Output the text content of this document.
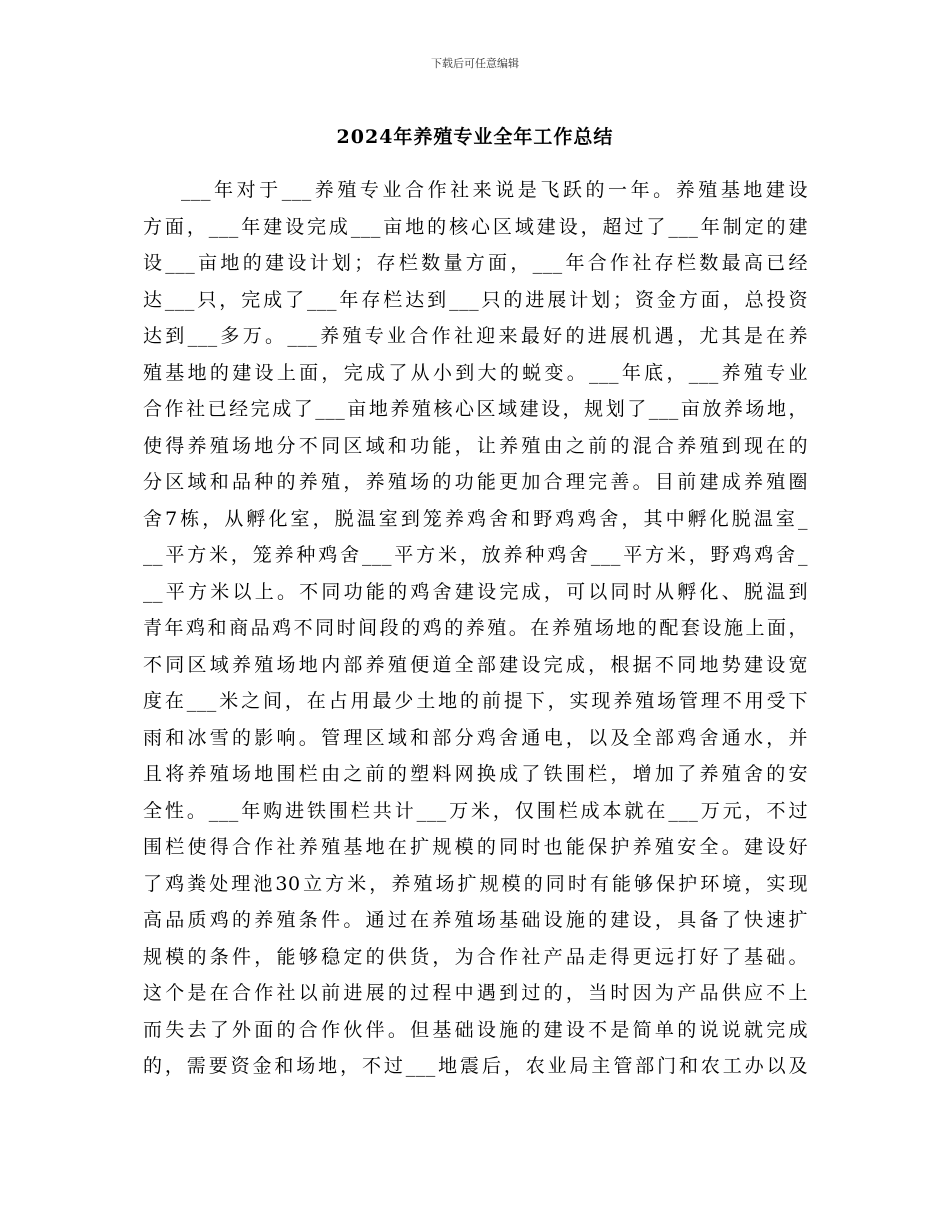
下载后可任意编辑
2024年养殖专业全年工作总结
___年对于___养殖专业合作社来说是飞跃的一年。养殖基地建设
方面，___年建设完成___亩地的核心区域建设，超过了___年制定的建
设___亩地的建设计划；存栏数量方面，___年合作社存栏数最高已经
达___只，完成了___年存栏达到___只的进展计划；资金方面，总投资
达到___多万。___养殖专业合作社迎来最好的进展机遇，尤其是在养
殖基地的建设上面，完成了从小到大的蜕变。___年底，___养殖专业
合作社已经完成了___亩地养殖核心区域建设，规划了___亩放养场地，
使得养殖场地分不同区域和功能，让养殖由之前的混合养殖到现在的
分区域和品种的养殖，养殖场的功能更加合理完善。目前建成养殖圈
舍7栋，从孵化室，脱温室到笼养鸡舍和野鸡鸡舍，其中孵化脱温室_
__平方米，笼养种鸡舍___平方米，放养种鸡舍___平方米，野鸡鸡舍_
__平方米以上。不同功能的鸡舍建设完成，可以同时从孵化、脱温到
青年鸡和商品鸡不同时间段的鸡的养殖。在养殖场地的配套设施上面，
不同区域养殖场地内部养殖便道全部建设完成，根据不同地势建设宽
度在___米之间，在占用最少土地的前提下，实现养殖场管理不用受下
雨和冰雪的影响。管理区域和部分鸡舍通电，以及全部鸡舍通水，并
且将养殖场地围栏由之前的塑料网换成了铁围栏，增加了养殖舍的安
全性。___年购进铁围栏共计___万米，仅围栏成本就在___万元，不过
围栏使得合作社养殖基地在扩规模的同时也能保护养殖安全。建设好
了鸡粪处理池30立方米，养殖场扩规模的同时有能够保护环境，实现
高品质鸡的养殖条件。通过在养殖场基础设施的建设，具备了快速扩
规模的条件，能够稳定的供货，为合作社产品走得更远打好了基础。
这个是在合作社以前进展的过程中遇到过的，当时因为产品供应不上
而失去了外面的合作伙伴。但基础设施的建设不是简单的说说就完成
的，需要资金和场地，不过___地震后，农业局主管部门和农工办以及
